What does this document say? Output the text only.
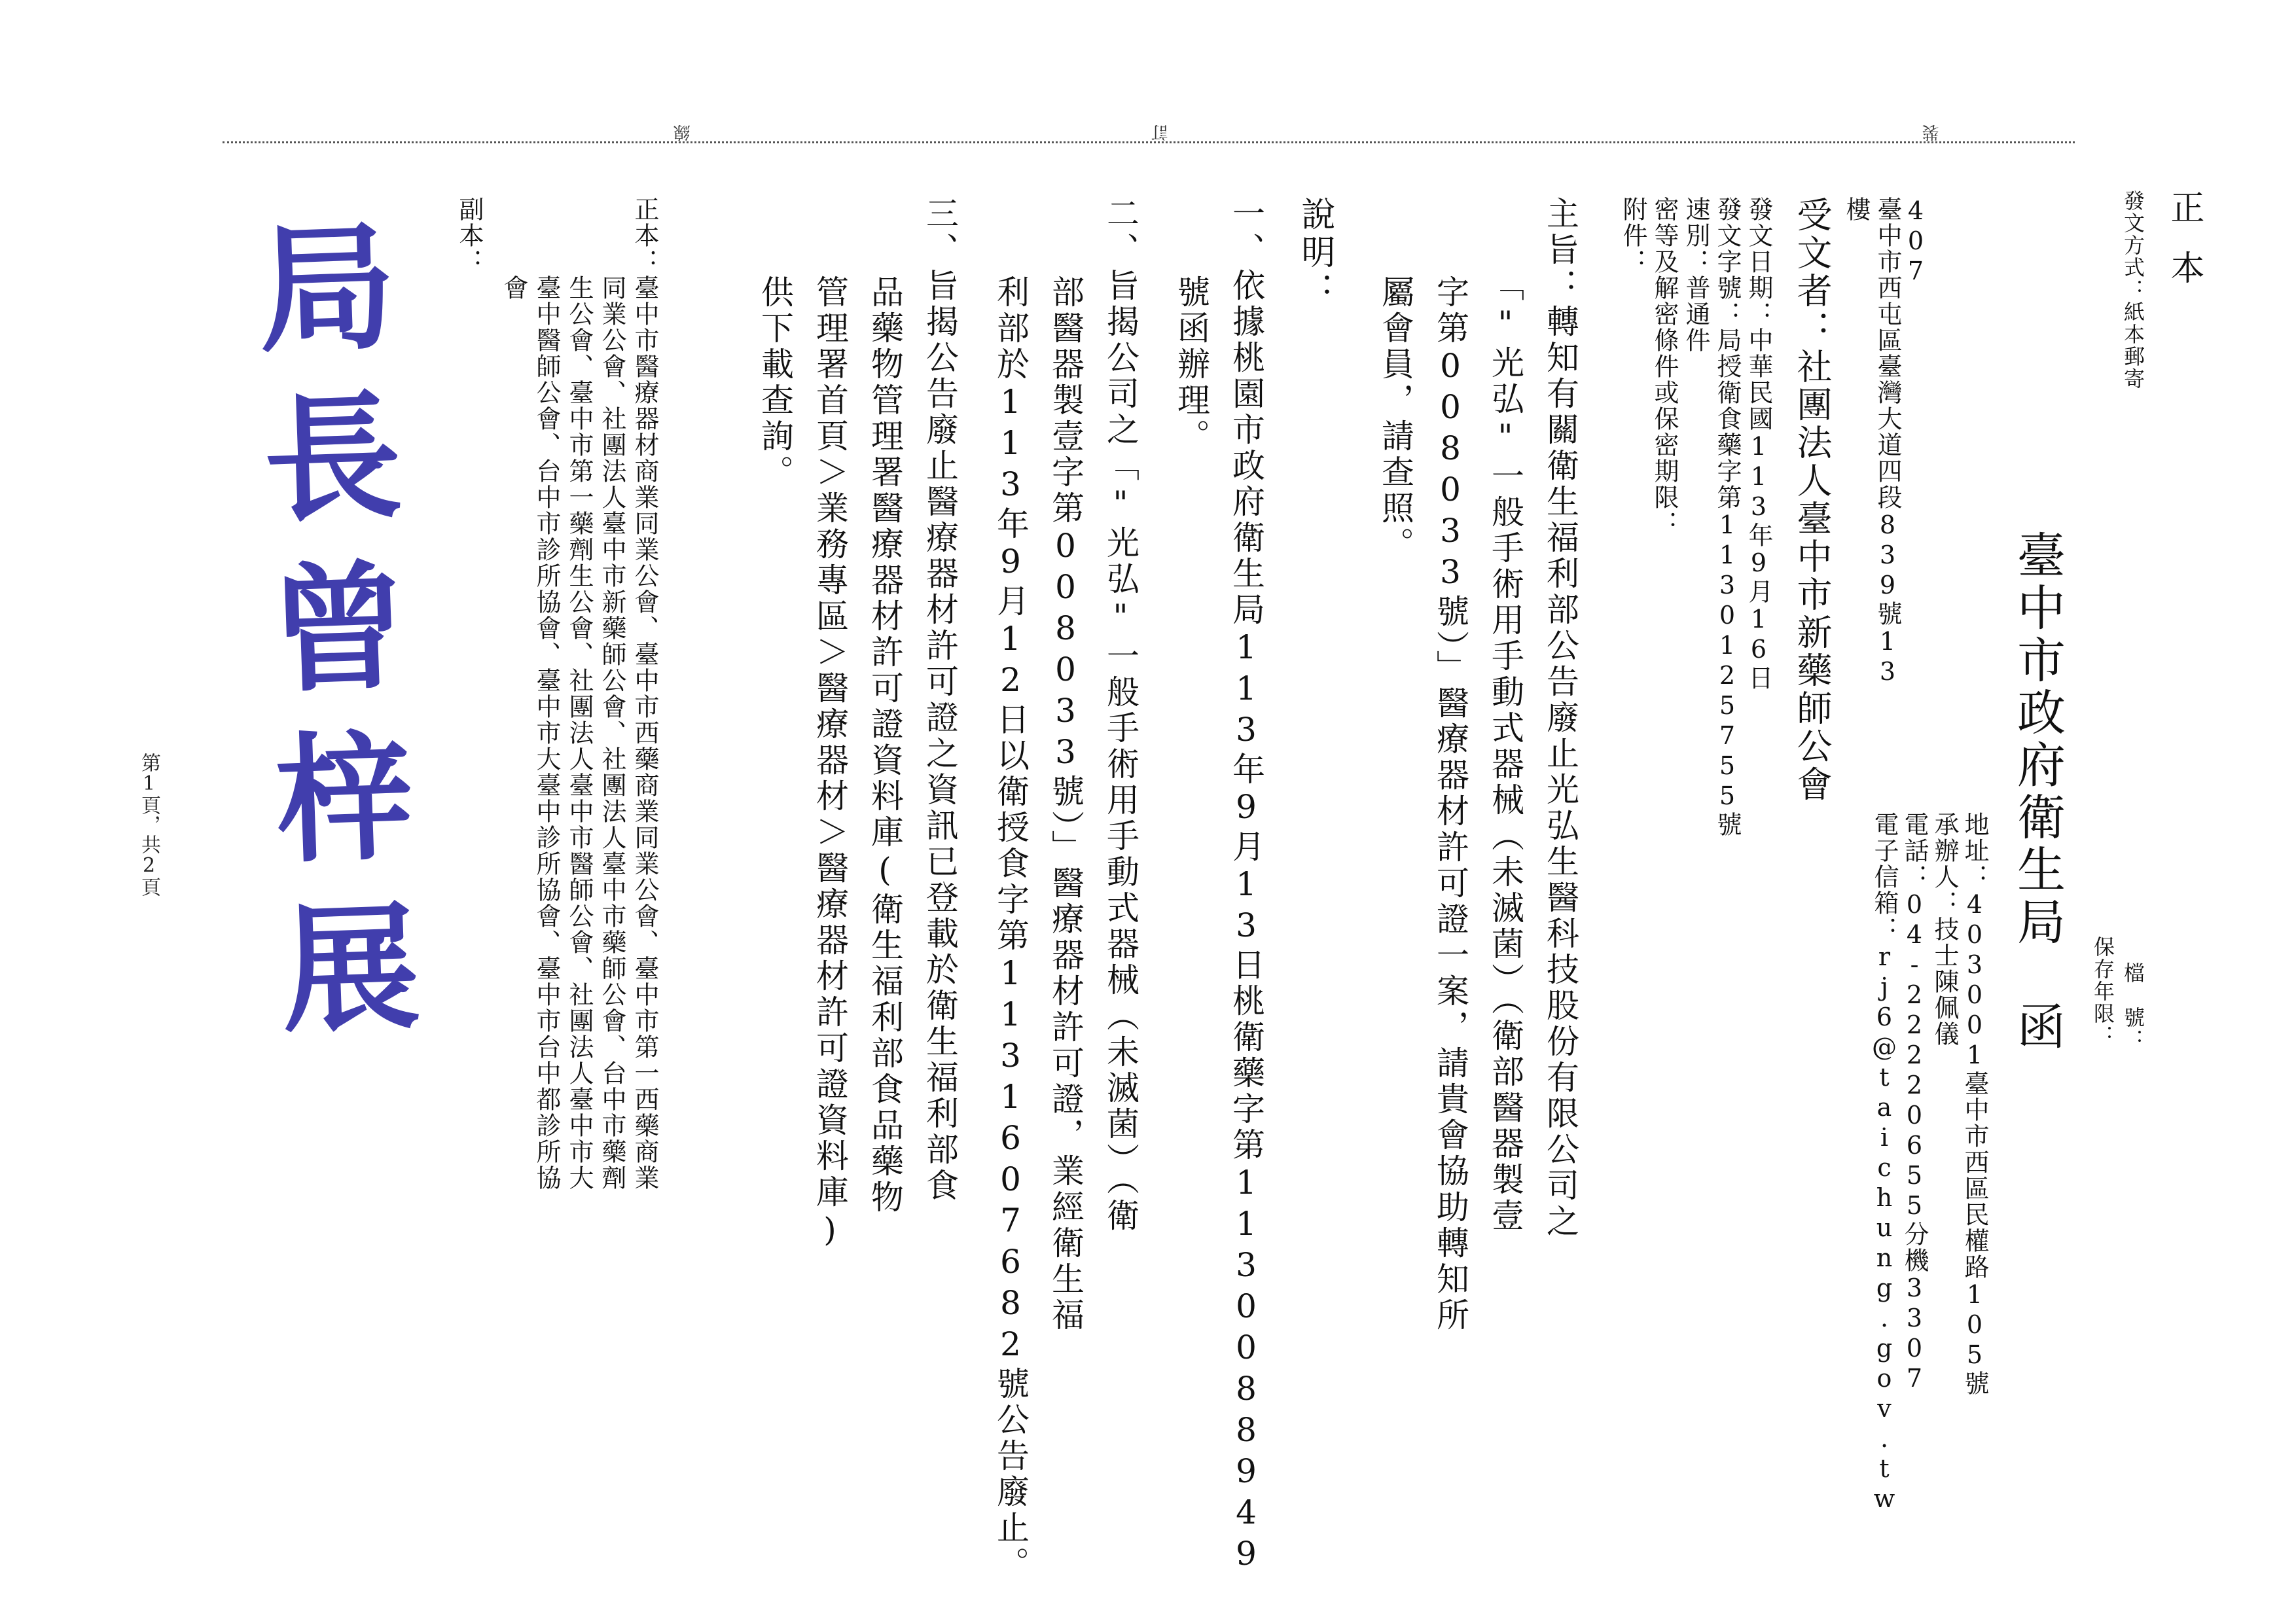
正本
發文方式：紙本郵寄
檔　號：
保存年限：
臺中市政府衛生局　函
裝
訂
線
地址：403001臺中市西區民權路105號
承辦人：技士陳佩儀
電話：04-22220655分機3307
電子信箱：rj6@taichung.gov.tw
407
臺中市西屯區臺灣大道四段839號13
樓
受文者：社團法人臺中市新藥師公會
發文日期：中華民國113年9月16日
發文字號：局授衛食藥字第1130125755號
速別：普通件
密等及解密條件或保密期限：
附件：
主旨：轉知有關衛生福利部公告廢止光弘生醫科技股份有限公司之
「"光弘"一般手術用手動式器械（未滅菌）（衛部醫器製壹
字第008033號）」醫療器材許可證一案，請貴會協助轉知所
屬會員，請查照。
說明：
一、依據桃園市政府衛生局113年9月13日桃衛藥字第1130088949
號函辦理。
二、旨揭公司之「"光弘"一般手術用手動式器械（未滅菌）（衛
部醫器製壹字第008033號）」醫療器材許可證，業經衛生福
利部於113年9月12日以衛授食字第1131607682號公告廢止。
三、旨揭公告廢止醫療器材許可證之資訊已登載於衛生福利部食
品藥物管理署醫療器材許可證資料庫(衛生福利部食品藥物
管理署首頁＞業務專區＞醫療器材＞醫療器材許可證資料庫)
供下載查詢。
正本：臺中市醫療器材商業同業公會、臺中市西藥商業同業公會、臺中市第一西藥商業
同業公會、社團法人臺中市新藥師公會、社團法人臺中市藥師公會、台中市藥劑
生公會、臺中市第一藥劑生公會、社團法人臺中市醫師公會、社團法人臺中市大
臺中醫師公會、台中市診所協會、臺中市大臺中診所協會、臺中市台中都診所協
會
副本：
局長曾梓展
第1頁，共2頁
